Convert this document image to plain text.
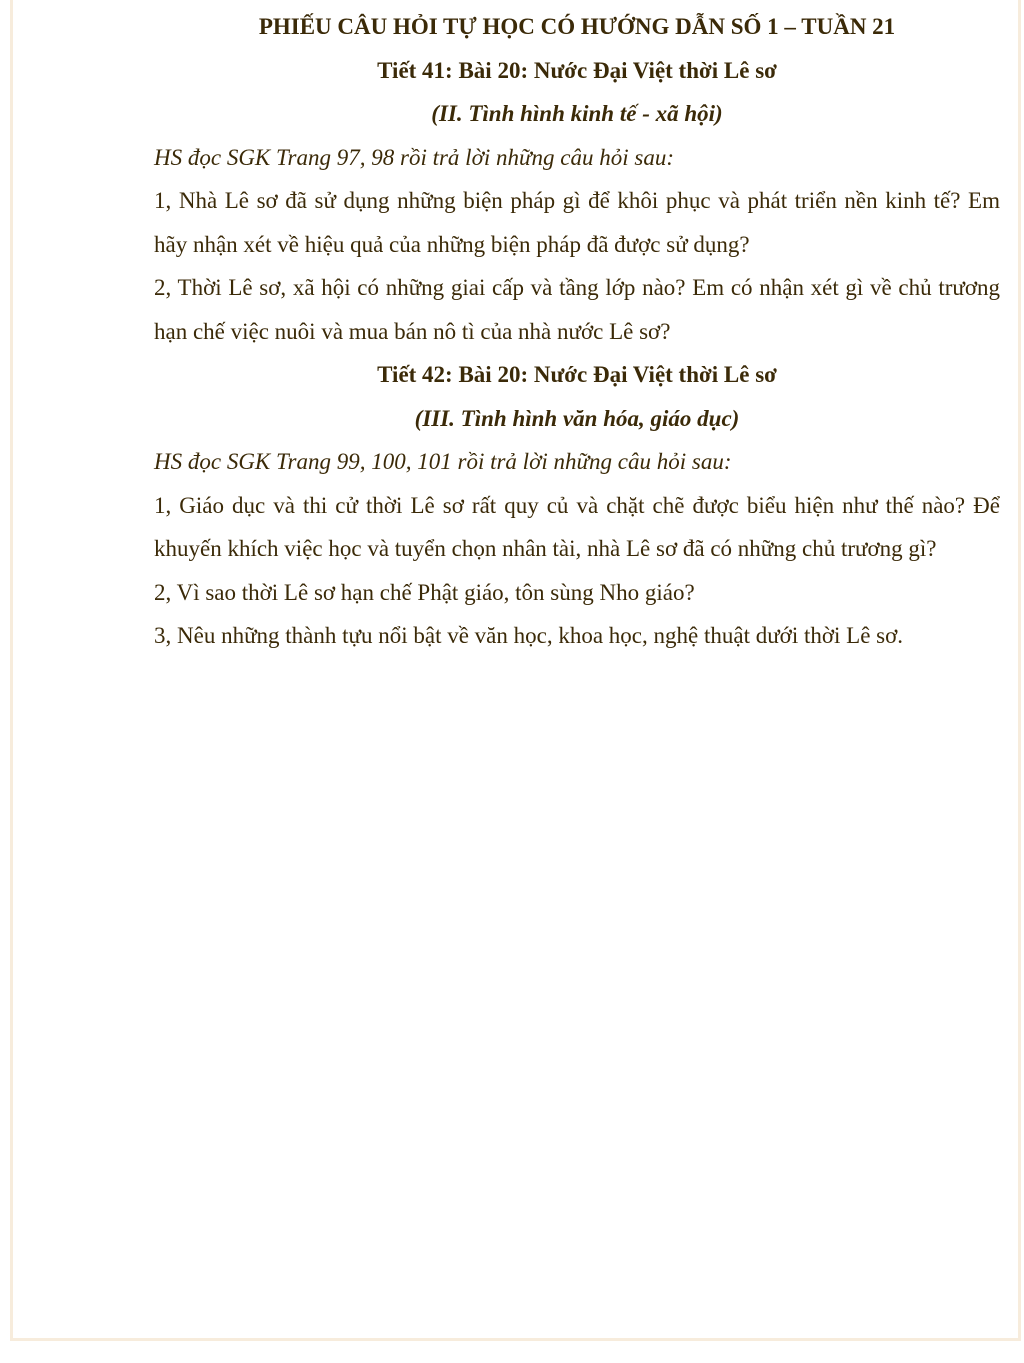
PHIẾU CÂU HỎI TỰ HỌC CÓ HƯỚNG DẪN SỐ 1 – TUẦN 21

Tiết 41: Bài 20: Nước Đại Việt thời Lê sơ

(II. Tình hình kinh tế - xã hội)

HS đọc SGK Trang 97, 98 rồi trả lời những câu hỏi sau:

1, Nhà Lê sơ đã sử dụng những biện pháp gì để khôi phục và phát triển nền kinh tế? Em hãy nhận xét về hiệu quả của những biện pháp đã được sử dụng?

2, Thời Lê sơ, xã hội có những giai cấp và tầng lớp nào? Em có nhận xét gì về chủ trương hạn chế việc nuôi và mua bán nô tì của nhà nước Lê sơ?

Tiết 42: Bài 20: Nước Đại Việt thời Lê sơ

(III. Tình hình văn hóa, giáo dục)

HS đọc SGK Trang 99, 100, 101 rồi trả lời những câu hỏi sau:

1, Giáo dục và thi cử thời Lê sơ rất quy củ và chặt chẽ được biểu hiện như thế nào? Để khuyến khích việc học và tuyển chọn nhân tài, nhà Lê sơ đã có những chủ trương gì?

2, Vì sao thời Lê sơ hạn chế Phật giáo, tôn sùng Nho giáo?

3, Nêu những thành tựu nổi bật về văn học, khoa học, nghệ thuật dưới thời Lê sơ.
